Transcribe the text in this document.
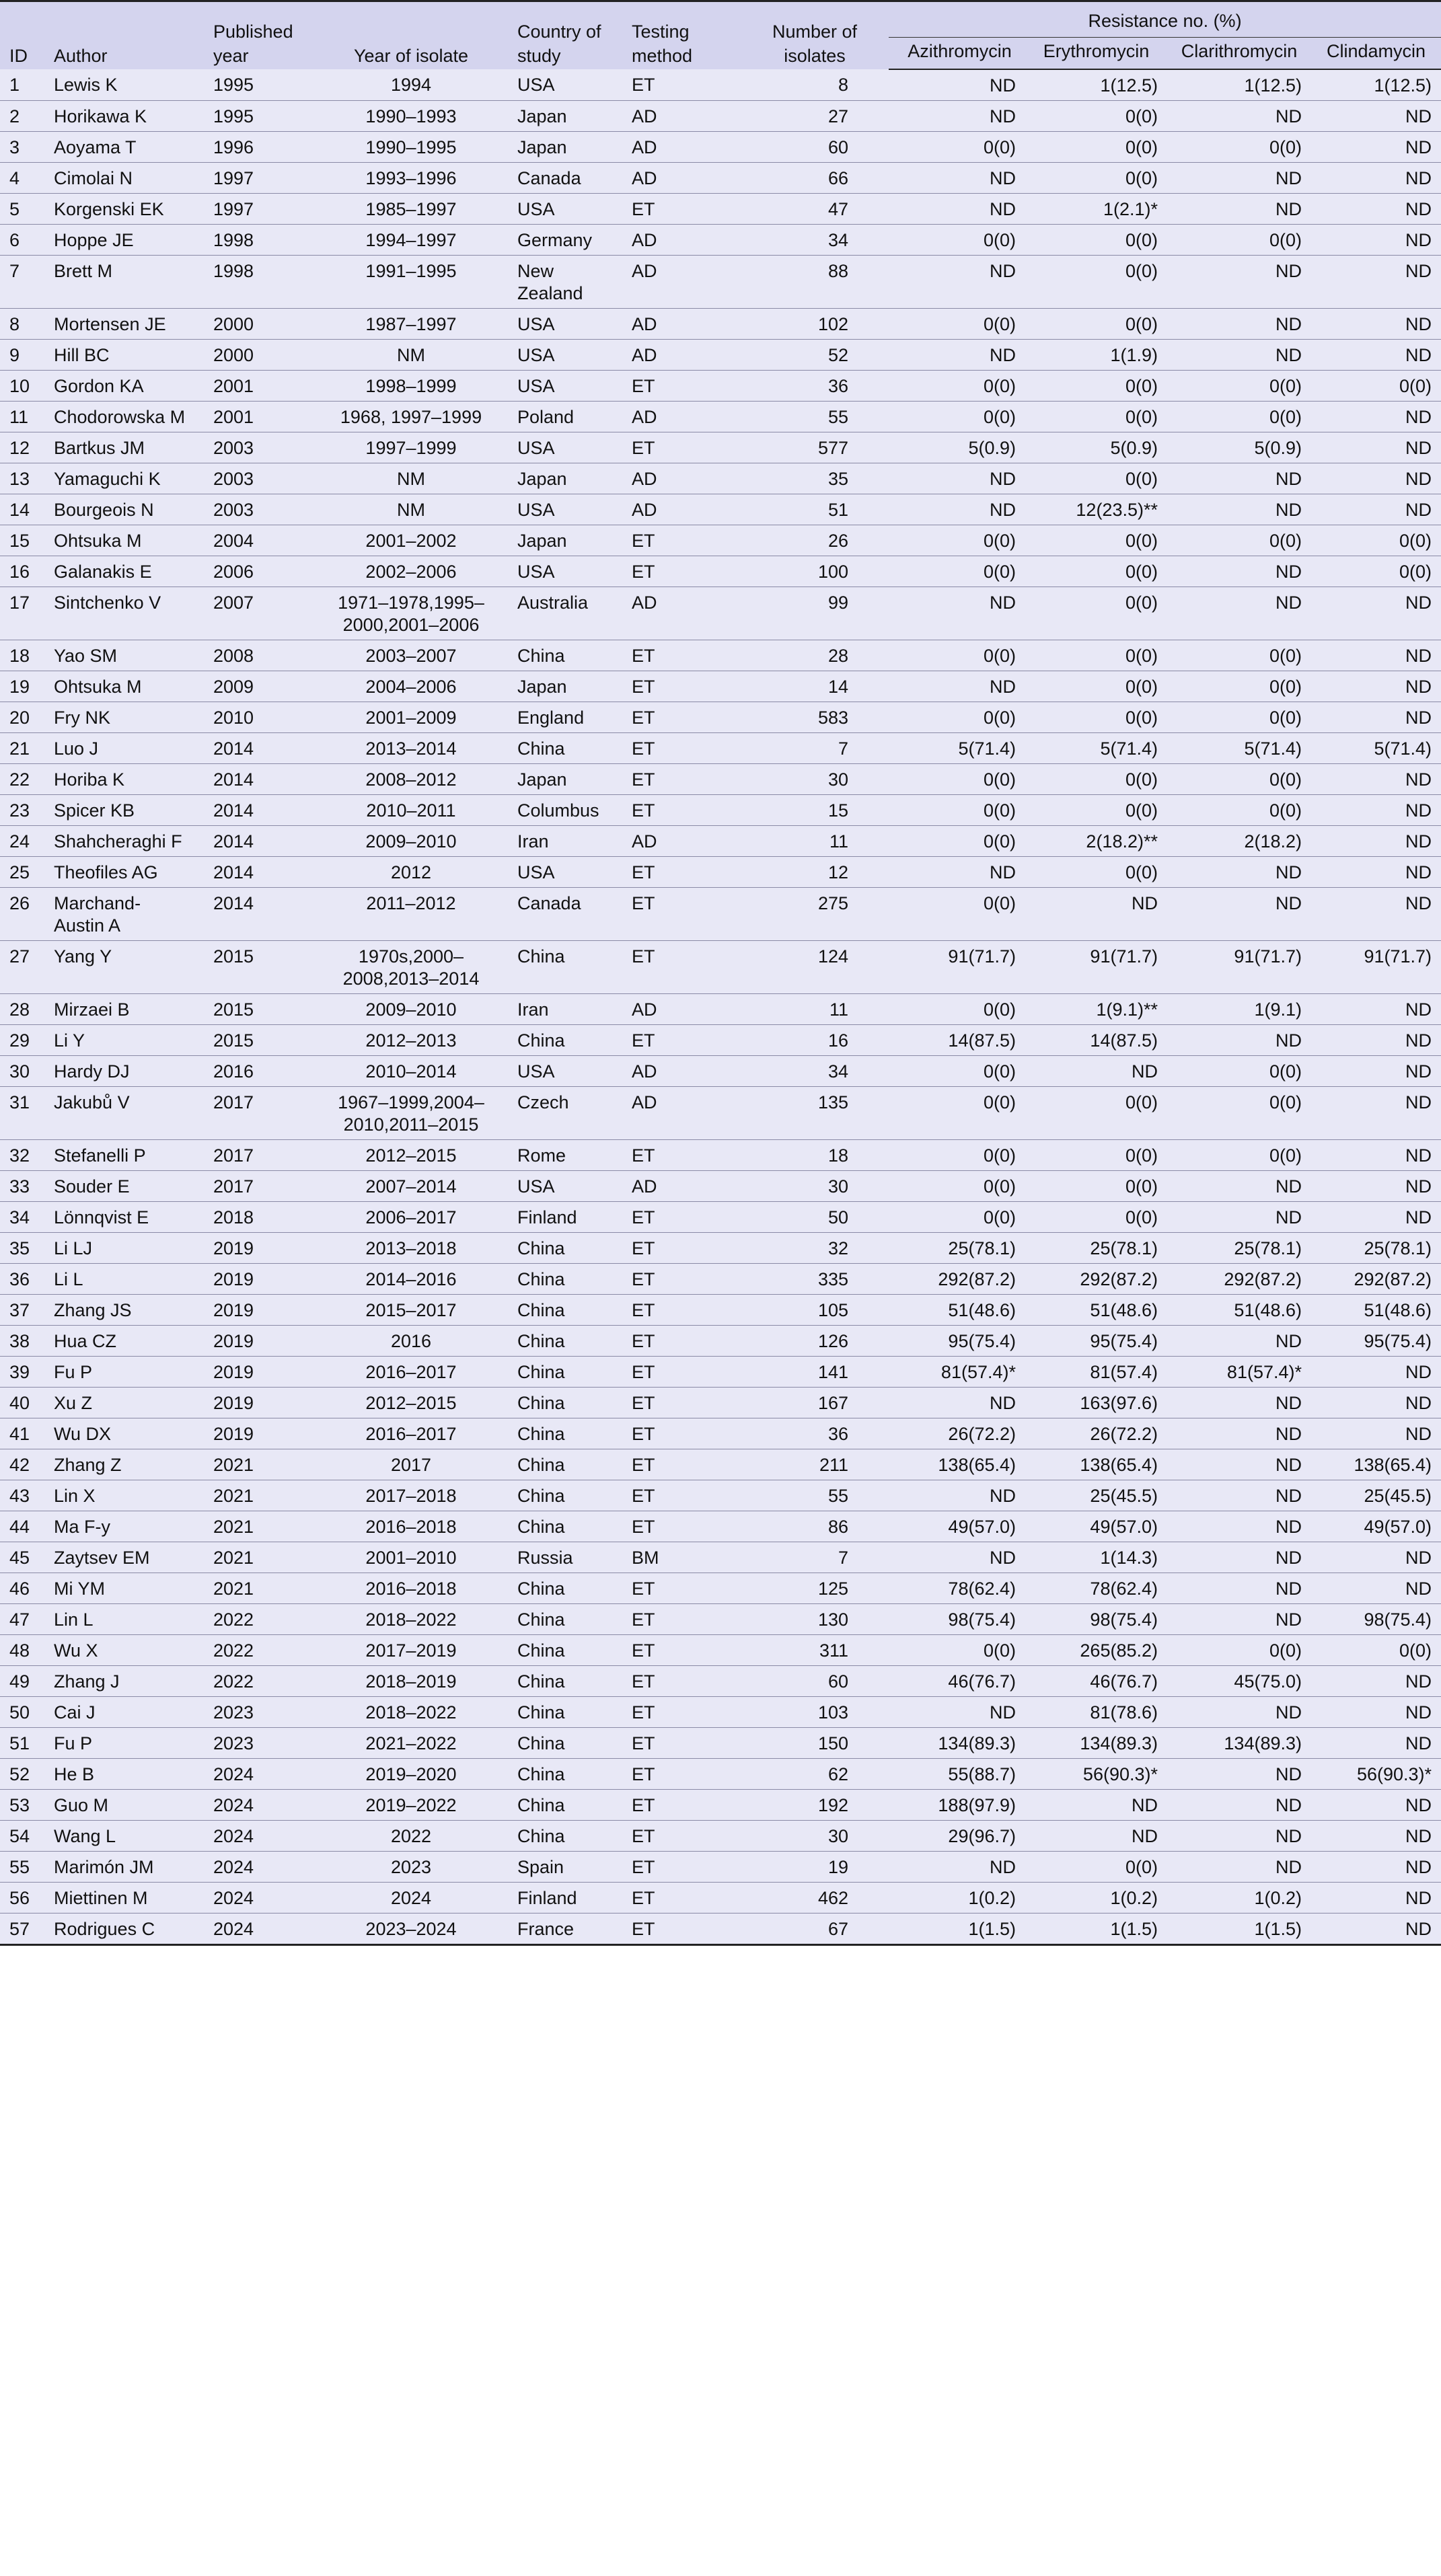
ID	Author	Published year	Year of isolate	Country of study	Testing method	Number of isolates	Resistance no. (%)			
							Azithromycin	Erythromycin	Clarithromycin	Clindamycin
1	Lewis K	1995	1994	USA	ET	8	ND	1(12.5)	1(12.5)	1(12.5)
2	Horikawa K	1995	1990–1993	Japan	AD	27	ND	0(0)	ND	ND
3	Aoyama T	1996	1990–1995	Japan	AD	60	0(0)	0(0)	0(0)	ND
4	Cimolai N	1997	1993–1996	Canada	AD	66	ND	0(0)	ND	ND
5	Korgenski EK	1997	1985–1997	USA	ET	47	ND	1(2.1)*	ND	ND
6	Hoppe JE	1998	1994–1997	Germany	AD	34	0(0)	0(0)	0(0)	ND
7	Brett M	1998	1991–1995	New Zealand	AD	88	ND	0(0)	ND	ND
8	Mortensen JE	2000	1987–1997	USA	AD	102	0(0)	0(0)	ND	ND
9	Hill BC	2000	NM	USA	AD	52	ND	1(1.9)	ND	ND
10	Gordon KA	2001	1998–1999	USA	ET	36	0(0)	0(0)	0(0)	0(0)
11	Chodorowska M	2001	1968, 1997–1999	Poland	AD	55	0(0)	0(0)	0(0)	ND
12	Bartkus JM	2003	1997–1999	USA	ET	577	5(0.9)	5(0.9)	5(0.9)	ND
13	Yamaguchi K	2003	NM	Japan	AD	35	ND	0(0)	ND	ND
14	Bourgeois N	2003	NM	USA	AD	51	ND	12(23.5)**	ND	ND
15	Ohtsuka M	2004	2001–2002	Japan	ET	26	0(0)	0(0)	0(0)	0(0)
16	Galanakis E	2006	2002–2006	USA	ET	100	0(0)	0(0)	ND	0(0)
17	Sintchenko V	2007	1971–1978,1995–
2000,2001–2006	Australia	AD	99	ND	0(0)	ND	ND
18	Yao SM	2008	2003–2007	China	ET	28	0(0)	0(0)	0(0)	ND
19	Ohtsuka M	2009	2004–2006	Japan	ET	14	ND	0(0)	0(0)	ND
20	Fry NK	2010	2001–2009	England	ET	583	0(0)	0(0)	0(0)	ND
21	Luo J	2014	2013–2014	China	ET	7	5(71.4)	5(71.4)	5(71.4)	5(71.4)
22	Horiba K	2014	2008–2012	Japan	ET	30	0(0)	0(0)	0(0)	ND
23	Spicer KB	2014	2010–2011	Columbus	ET	15	0(0)	0(0)	0(0)	ND
24	Shahcheraghi F	2014	2009–2010	Iran	AD	11	0(0)	2(18.2)**	2(18.2)	ND
25	Theofiles AG	2014	2012	USA	ET	12	ND	0(0)	ND	ND
26	Marchand-
Austin A	2014	2011–2012	Canada	ET	275	0(0)	ND	ND	ND
27	Yang Y	2015	1970s,2000–
2008,2013–2014	China	ET	124	91(71.7)	91(71.7)	91(71.7)	91(71.7)
28	Mirzaei B	2015	2009–2010	Iran	AD	11	0(0)	1(9.1)**	1(9.1)	ND
29	Li Y	2015	2012–2013	China	ET	16	14(87.5)	14(87.5)	ND	ND
30	Hardy DJ	2016	2010–2014	USA	AD	34	0(0)	ND	0(0)	ND
31	Jakubů V	2017	1967–1999,2004–
2010,2011–2015	Czech	AD	135	0(0)	0(0)	0(0)	ND
32	Stefanelli P	2017	2012–2015	Rome	ET	18	0(0)	0(0)	0(0)	ND
33	Souder E	2017	2007–2014	USA	AD	30	0(0)	0(0)	ND	ND
34	Lönnqvist E	2018	2006–2017	Finland	ET	50	0(0)	0(0)	ND	ND
35	Li LJ	2019	2013–2018	China	ET	32	25(78.1)	25(78.1)	25(78.1)	25(78.1)
36	Li L	2019	2014–2016	China	ET	335	292(87.2)	292(87.2)	292(87.2)	292(87.2)
37	Zhang JS	2019	2015–2017	China	ET	105	51(48.6)	51(48.6)	51(48.6)	51(48.6)
38	Hua CZ	2019	2016	China	ET	126	95(75.4)	95(75.4)	ND	95(75.4)
39	Fu P	2019	2016–2017	China	ET	141	81(57.4)*	81(57.4)	81(57.4)*	ND
40	Xu Z	2019	2012–2015	China	ET	167	ND	163(97.6)	ND	ND
41	Wu DX	2019	2016–2017	China	ET	36	26(72.2)	26(72.2)	ND	ND
42	Zhang Z	2021	2017	China	ET	211	138(65.4)	138(65.4)	ND	138(65.4)
43	Lin X	2021	2017–2018	China	ET	55	ND	25(45.5)	ND	25(45.5)
44	Ma F-y	2021	2016–2018	China	ET	86	49(57.0)	49(57.0)	ND	49(57.0)
45	Zaytsev EM	2021	2001–2010	Russia	BM	7	ND	1(14.3)	ND	ND
46	Mi YM	2021	2016–2018	China	ET	125	78(62.4)	78(62.4)	ND	ND
47	Lin L	2022	2018–2022	China	ET	130	98(75.4)	98(75.4)	ND	98(75.4)
48	Wu X	2022	2017–2019	China	ET	311	0(0)	265(85.2)	0(0)	0(0)
49	Zhang J	2022	2018–2019	China	ET	60	46(76.7)	46(76.7)	45(75.0)	ND
50	Cai J	2023	2018–2022	China	ET	103	ND	81(78.6)	ND	ND
51	Fu P	2023	2021–2022	China	ET	150	134(89.3)	134(89.3)	134(89.3)	ND
52	He B	2024	2019–2020	China	ET	62	55(88.7)	56(90.3)*	ND	56(90.3)*
53	Guo M	2024	2019–2022	China	ET	192	188(97.9)	ND	ND	ND
54	Wang L	2024	2022	China	ET	30	29(96.7)	ND	ND	ND
55	Marimón JM	2024	2023	Spain	ET	19	ND	0(0)	ND	ND
56	Miettinen M	2024	2024	Finland	ET	462	1(0.2)	1(0.2)	1(0.2)	ND
57	Rodrigues C	2024	2023–2024	France	ET	67	1(1.5)	1(1.5)	1(1.5)	ND
